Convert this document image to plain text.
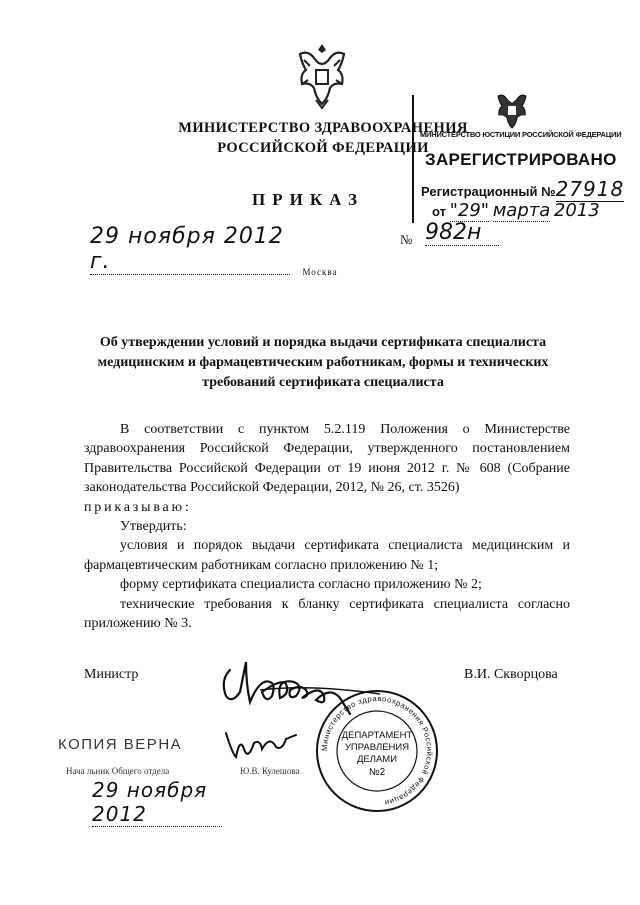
МИНИСТЕРСТВО ЗДРАВООХРАНЕНИЯ
РОССИЙСКОЙ ФЕДЕРАЦИИ
МИНИСТЕРСТВО ЮСТИЦИИ РОССИЙСКОЙ ФЕДЕРАЦИИ
ЗАРЕГИСТРИРОВАНО
Регистрационный №27918
от "29" марта 2013
ПРИКАЗ
29 ноября 2012 г.
№ 982н
Москва
Об утверждении условий и порядка выдачи сертификата специалиста медицинским и фармацевтическим работникам, формы и технических требований сертификата специалиста

В соответствии с пунктом 5.2.119 Положения о Министерстве здравоохранения Российской Федерации, утвержденного постановлением Правительства Российской Федерации от 19 июня 2012 г. № 608 (Собрание законодательства Российской Федерации, 2012, № 26, ст. 3526)

приказываю:

Утвердить:

условия и порядок выдачи сертификата специалиста медицинским и фармацевтическим работникам согласно приложению № 1;

форму сертификата специалиста согласно приложению № 2;

технические требования к бланку сертификата специалиста согласно приложению № 3.

Министр	В.И. Скворцова
КОПИЯ ВЕРНА
Нача льник Общего отдела	Ю.В. Кулешова
29 ноября 2012
Министерство здравоохранения Российской Федерации
ДЕПАРТАМЕНТ
УПРАВЛЕНИЯ
ДЕЛАМИ
№2
